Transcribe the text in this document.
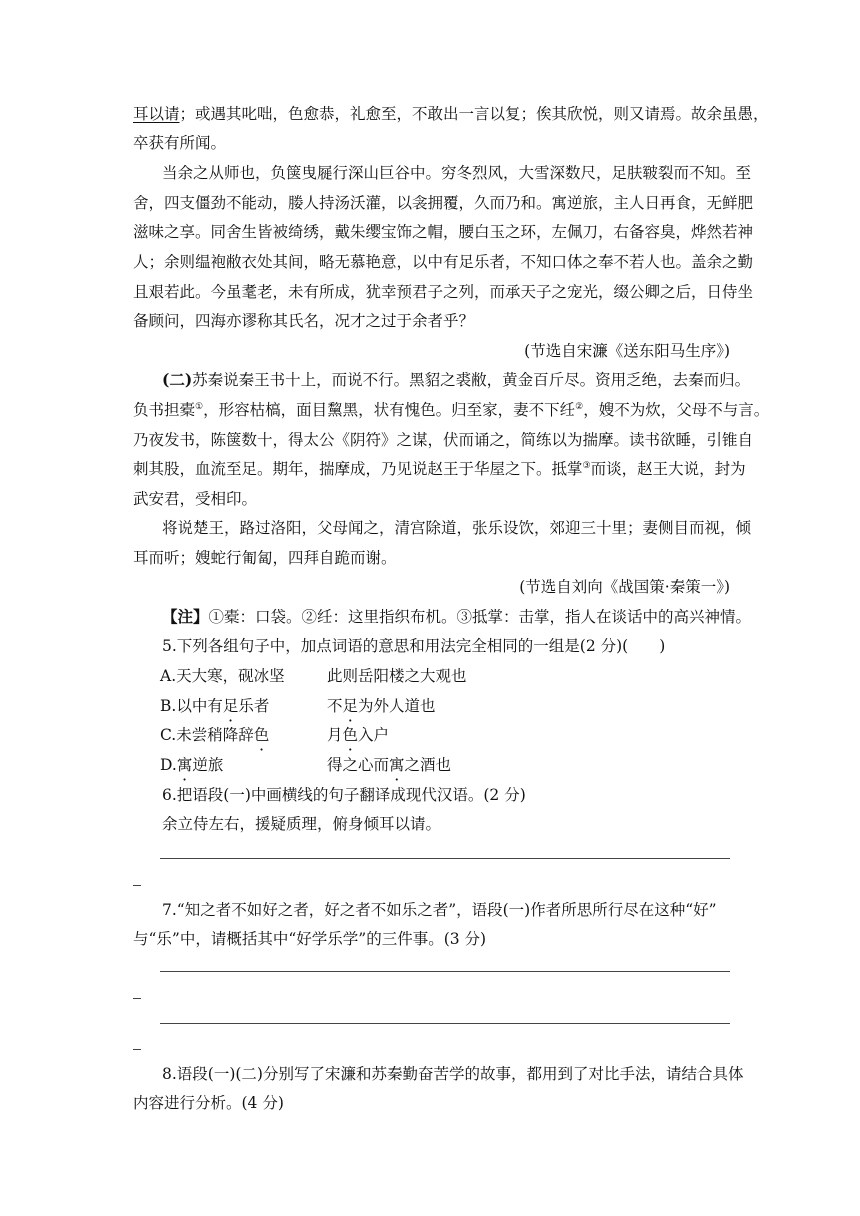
耳以请；或遇其叱咄，色愈恭，礼愈至，不敢出一言以复；俟其欣悦，则又请焉。故余虽愚，
卒获有所闻。
当余之从师也，负箧曳屣行深山巨谷中。穷冬烈风，大雪深数尺，足肤皲裂而不知。至
舍，四支僵劲不能动，媵人持汤沃灌，以衾拥覆，久而乃和。寓逆旅，主人日再食，无鲜肥
滋味之享。同舍生皆被绮绣，戴朱缨宝饰之帽，腰白玉之环，左佩刀，右备容臭，烨然若神
人；余则缊袍敝衣处其间，略无慕艳意，以中有足乐者，不知口体之奉不若人也。盖余之勤
且艰若此。今虽耄老，未有所成，犹幸预君子之列，而承天子之宠光，缀公卿之后，日侍坐
备顾问，四海亦谬称其氏名，况才之过于余者乎？
(节选自宋濂《送东阳马生序》)
(二)苏秦说秦王书十上，而说不行。黑貂之裘敝，黄金百斤尽。资用乏绝，去秦而归。
负书担橐①，形容枯槁，面目黧黑，状有愧色。归至家，妻不下纴②，嫂不为炊，父母不与言。
乃夜发书，陈箧数十，得太公《阴符》之谋，伏而诵之，简练以为揣摩。读书欲睡，引锥自
刺其股，血流至足。期年，揣摩成，乃见说赵王于华屋之下。抵掌③而谈，赵王大说，封为
武安君，受相印。
将说楚王，路过洛阳，父母闻之，清宫除道，张乐设饮，郊迎三十里；妻侧目而视，倾
耳而听；嫂蛇行匍匐，四拜自跪而谢。
(节选自刘向《战国策·秦策一》)
【注】①橐：口袋。②纴：这里指织布机。③抵掌：击掌，指人在谈话中的高兴神情。
5.下列各组句子中，加点词语的意思和用法完全相同的一组是(2 分)(　　)
A.天大寒，砚冰坚	此则岳阳楼之大观也
B.以中有足乐者	不足为外人道也
C.未尝稍降辞色	月色入户
D.寓逆旅	得之心而寓之酒也
6.把语段(一)中画横线的句子翻译成现代汉语。(2 分)
余立侍左右，援疑质理，俯身倾耳以请。
7.“知之者不如好之者，好之者不如乐之者”，语段(一)作者所思所行尽在这种“好”
与“乐”中，请概括其中“好学乐学”的三件事。(3 分)
8.语段(一)(二)分别写了宋濂和苏秦勤奋苦学的故事，都用到了对比手法，请结合具体
内容进行分析。(4 分)
